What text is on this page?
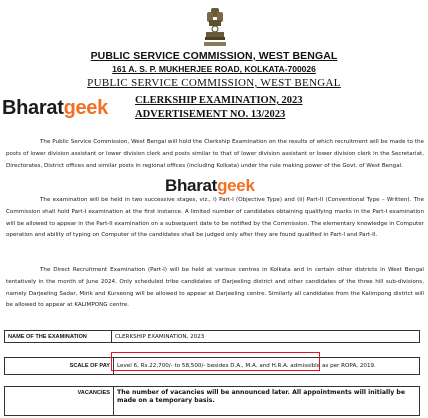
PUBLIC SERVICE COMMISSION, WEST BENGAL
161 A. S. P. MUKHERJEE ROAD, KOLKATA-700026
PUBLIC SERVICE COMMISSION, WEST BENGAL
Bharatgeek	CLERKSHIP EXAMINATION, 2023
ADVERTISEMENT NO. 13/2023
The Public Service Commission, West Bengal will hold the Clerkship Examination on the results of which recruitment will be made to the posts of lower division assistant or lower division clerk and posts similar to that of lower division assistant or lower division clerk in the Secretariat, Directorates, District offices and similar posts in regional offices (including Kolkata) under the rule making power of the Govt. of West Bengal.
Bharatgeek
The examination will be held in two successive stages, viz., i) Part-I (Objective Type) and (ii) Part-II (Conventional Type – Written). The Commission shall hold Part-I examination at the first instance. A limited number of candidates obtaining qualifying marks in the Part-I examination will be allowed to appear in the Part-II examination on a subsequent date to be notified by the Commission. The elementary knowledge in Computer operation and ability of typing on Computer of the candidates shall be judged only after they are found qualified in Part-I and Part-II.
The Direct Recruitment Examination (Part-I) will be held at various centres in Kolkata and in certain other districts in West Bengal tentatively in the month of June 2024. Only scheduled tribe candidates of Darjeeling district and other candidates of the three hill sub-divisions, namely Darjeeling Sadar, Mirik and Kurseong will be allowed to appear at Darjeeling centre. Similarly all candidates from the Kalimpong district will be allowed to appear at KALIMPONG centre.
NAME OF THE EXAMINATION	CLERKSHIP EXAMINATION, 2023
SCALE OF PAY	Level 6, Rs.22,700/- to 58,500/- besides D.A., M.A. and H.R.A. admissible as per ROPA, 2019.
VACANCIES	The number of vacancies will be announced later. All appointments will initially be made on a temporary basis.
